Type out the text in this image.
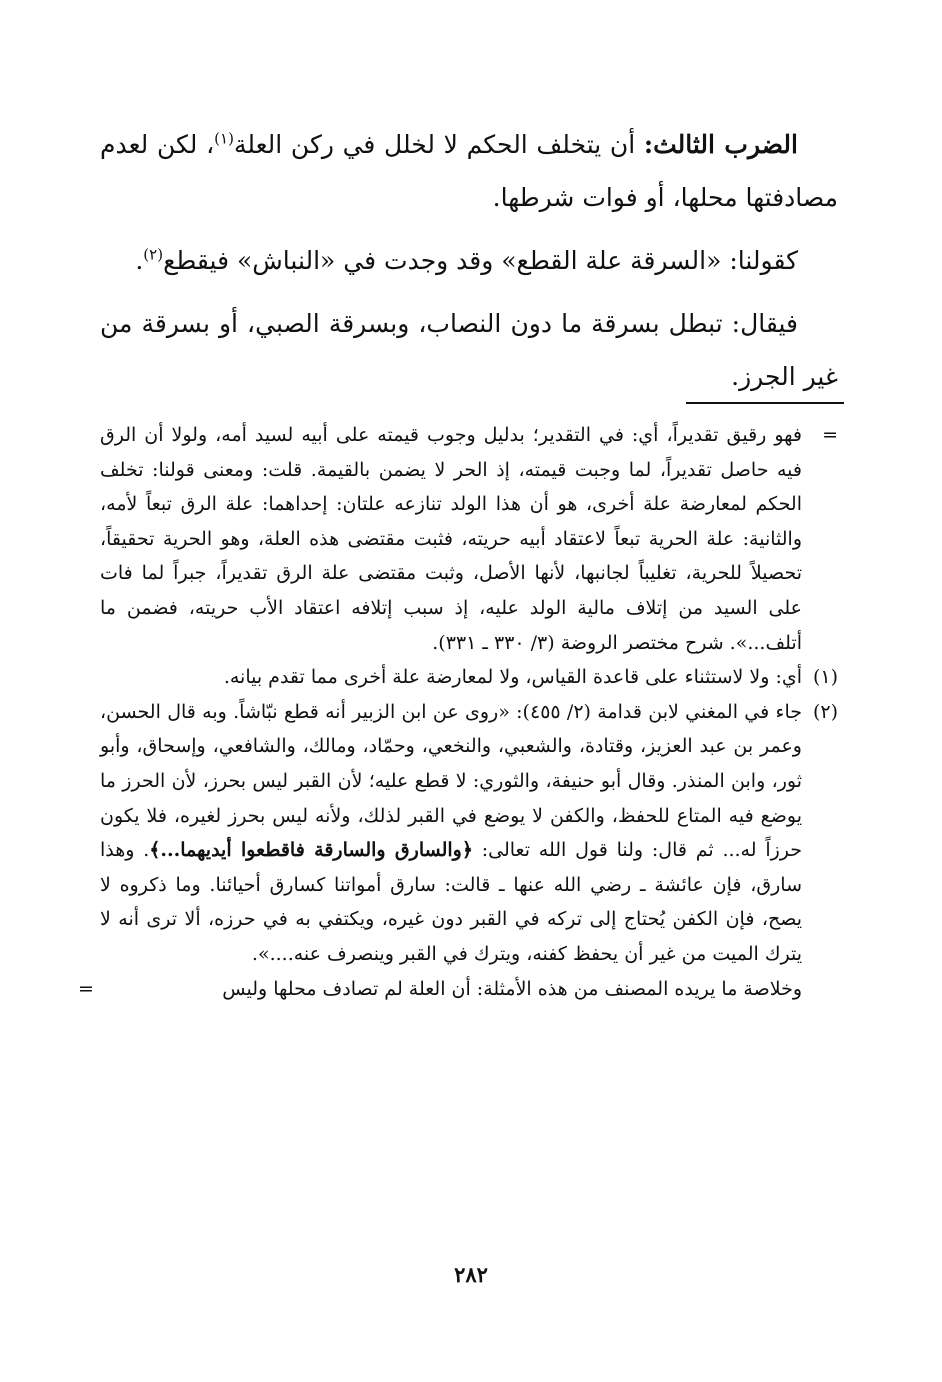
الضرب الثالث: أن يتخلف الحكم لا لخلل في ركن العلة$^{(١)}$، لكن لعدم مصادفتها محلها، أو فوات شرطها.

كقولنا: «السرقة علة القطع» وقد وجدت في «النباش» فيقطع$^{(٢)}$.

فيقال: تبطل بسرقة ما دون النصاب، وبسرقة الصبي، أو بسرقة من غير الجرز.

=
فهو رقيق تقديراً، أي: في التقدير؛ بدليل وجوب قيمته على أبيه لسيد أمه، ولولا أن الرق فيه حاصل تقديراً، لما وجبت قيمته، إذ الحر لا يضمن بالقيمة. قلت: ومعنى قولنا: تخلف الحكم لمعارضة علة أخرى، هو أن هذا الولد تنازعه علتان: إحداهما: علة الرق تبعاً لأمه، والثانية: علة الحرية تبعاً لاعتقاد أبيه حريته، فثبت مقتضى هذه العلة، وهو الحرية تحقيقاً، تحصيلاً للحرية، تغليباً لجانبها، لأنها الأصل، وثبت مقتضى علة الرق تقديراً، جبراً لما فات على السيد من إتلاف مالية الولد عليه، إذ سبب إتلافه اعتقاد الأب حريته، فضمن ما أتلف...». شرح مختصر الروضة (٣/ ٣٣٠ ـ ٣٣١).

(١)
أي: ولا لاستثناء على قاعدة القياس، ولا لمعارضة علة أخرى مما تقدم بيانه.

(٢)
جاء في المغني لابن قدامة (٢/ ٤٥٥): «روى عن ابن الزبير أنه قطع نبّاشاً. وبه قال الحسن، وعمر بن عبد العزيز، وقتادة، والشعبي، والنخعي، وحمّاد، ومالك، والشافعي، وإسحاق، وأبو ثور، وابن المنذر. وقال أبو حنيفة، والثوري: لا قطع عليه؛ لأن القبر ليس بحرز، لأن الحرز ما يوضع فيه المتاع للحفظ، والكفن لا يوضع في القبر لذلك، ولأنه ليس بحرز لغيره، فلا يكون حرزاً له... ثم قال: ولنا قول الله تعالى: ﴿والسارق والسارقة فاقطعوا أيديهما...﴾. وهذا سارق، فإن عائشة ـ رضي الله عنها ـ قالت: سارق أمواتنا كسارق أحيائنا. وما ذكروه لا يصح، فإن الكفن يُحتاج إلى تركه في القبر دون غيره، ويكتفي به في حرزه، ألا ترى أنه لا يترك الميت من غير أن يحفظ كفنه، ويترك في القبر وينصرف عنه....».

وخلاصة ما يريده المصنف من هذه الأمثلة: أن العلة لم تصادف محلها وليس
=

٢٨٢
